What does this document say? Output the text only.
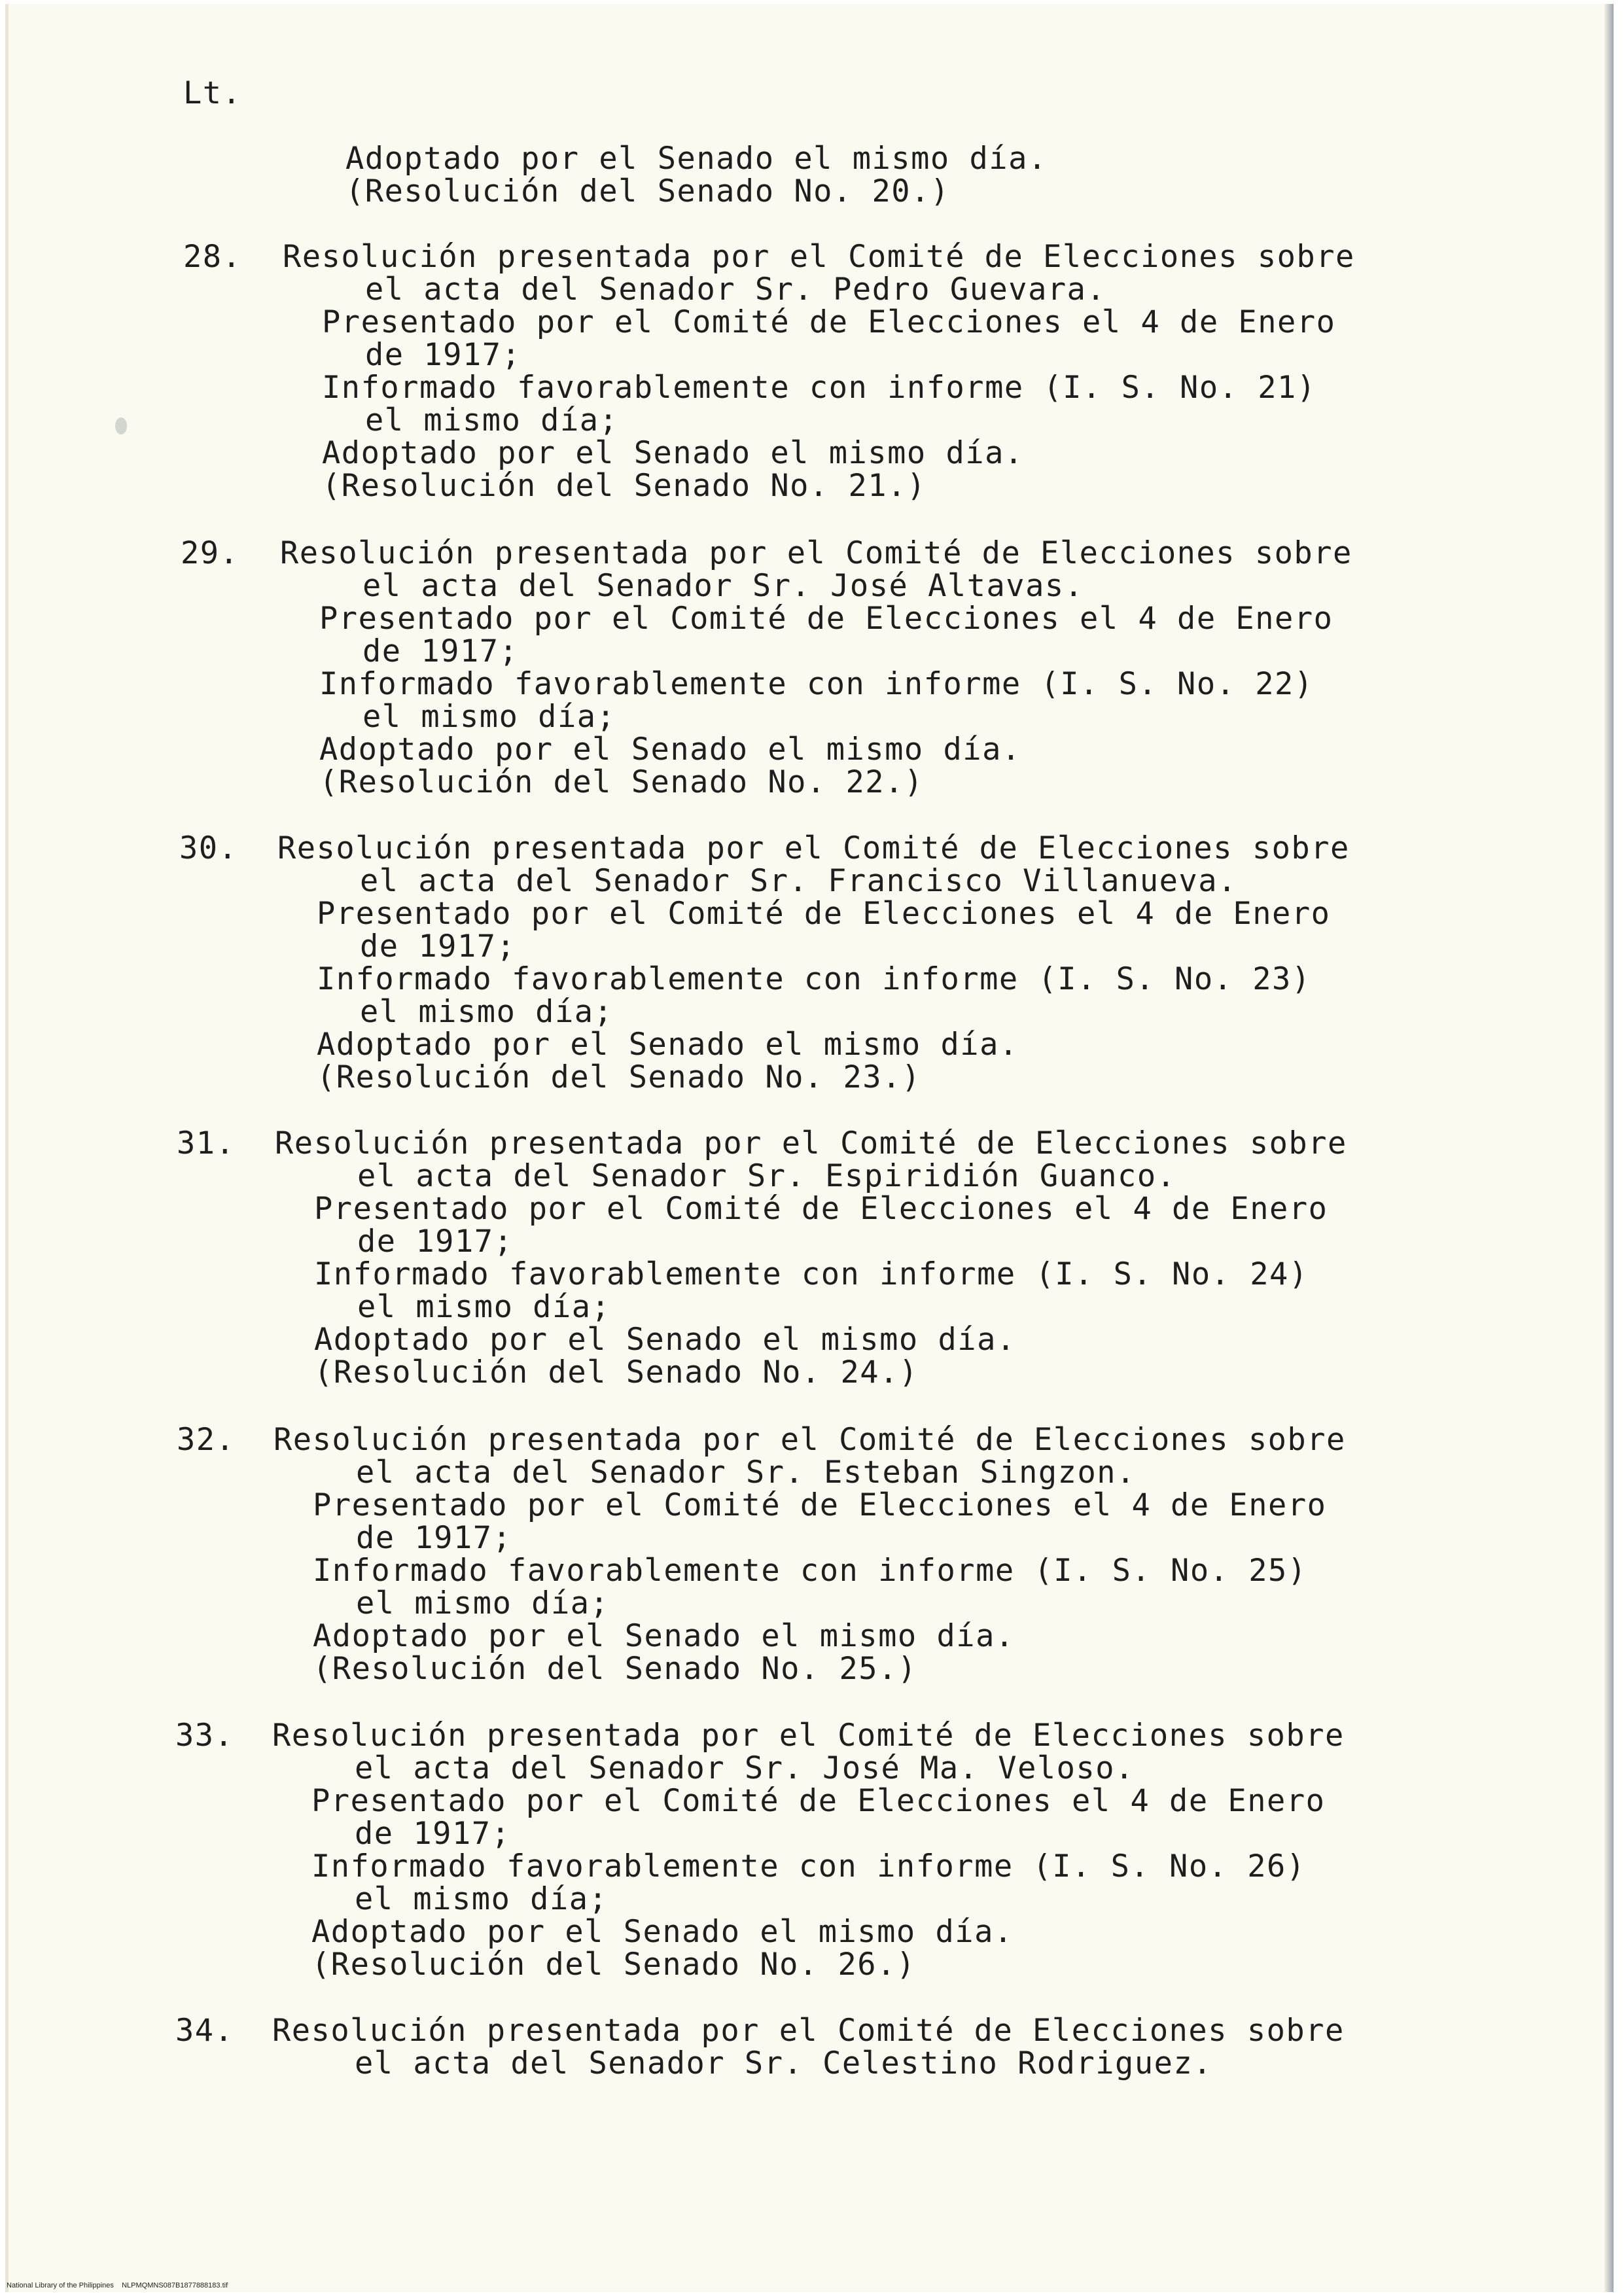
Lt.
Adoptado por el Senado el mismo día.
(Resolución del Senado No. 20.)
28. Resolución presentada por el Comité de Elecciones sobre
el acta del Senador Sr. Pedro Guevara.
Presentado por el Comité de Elecciones el 4 de Enero
de 1917;
Informado favorablemente con informe (I. S. No. 21)
el mismo día;
Adoptado por el Senado el mismo día.
(Resolución del Senado No. 21.)
29. Resolución presentada por el Comité de Elecciones sobre
el acta del Senador Sr. José Altavas.
Presentado por el Comité de Elecciones el 4 de Enero
de 1917;
Informado favorablemente con informe (I. S. No. 22)
el mismo día;
Adoptado por el Senado el mismo día.
(Resolución del Senado No. 22.)
30. Resolución presentada por el Comité de Elecciones sobre
el acta del Senador Sr. Francisco Villanueva.
Presentado por el Comité de Elecciones el 4 de Enero
de 1917;
Informado favorablemente con informe (I. S. No. 23)
el mismo día;
Adoptado por el Senado el mismo día.
(Resolución del Senado No. 23.)
31. Resolución presentada por el Comité de Elecciones sobre
el acta del Senador Sr. Espiridión Guanco.
Presentado por el Comité de Elecciones el 4 de Enero
de 1917;
Informado favorablemente con informe (I. S. No. 24)
el mismo día;
Adoptado por el Senado el mismo día.
(Resolución del Senado No. 24.)
32. Resolución presentada por el Comité de Elecciones sobre
el acta del Senador Sr. Esteban Singzon.
Presentado por el Comité de Elecciones el 4 de Enero
de 1917;
Informado favorablemente con informe (I. S. No. 25)
el mismo día;
Adoptado por el Senado el mismo día.
(Resolución del Senado No. 25.)
33. Resolución presentada por el Comité de Elecciones sobre
el acta del Senador Sr. José Ma. Veloso.
Presentado por el Comité de Elecciones el 4 de Enero
de 1917;
Informado favorablemente con informe (I. S. No. 26)
el mismo día;
Adoptado por el Senado el mismo día.
(Resolución del Senado No. 26.)
34. Resolución presentada por el Comité de Elecciones sobre
el acta del Senador Sr. Celestino Rodriguez.
National Library of the Philippines    NLPMQMNS087B1877888183.tif
